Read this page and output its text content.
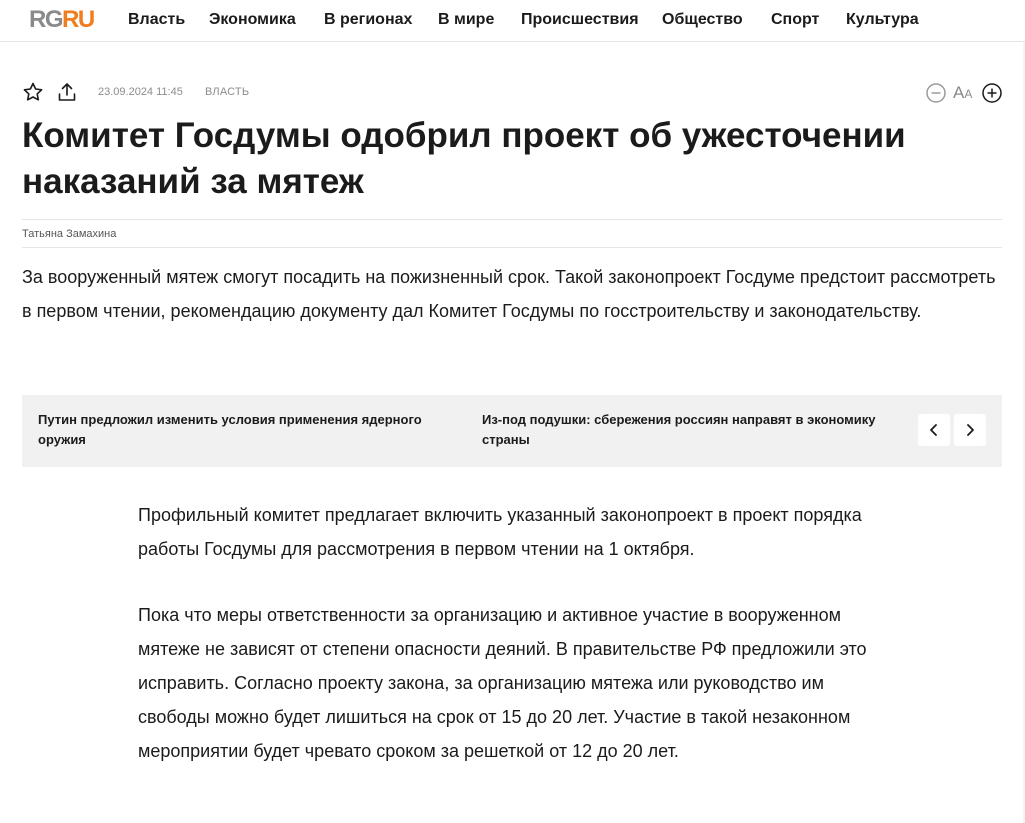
RGRU Власть Экономика В регионах В мире Происшествия Общество Спорт Культура
23.09.2024 11:45 ВЛАСТЬ	AA
Комитет Госдумы одобрил проект об ужесточении наказаний за мятеж
Татьяна Замахина

За вооруженный мятеж смогут посадить на пожизненный срок. Такой законопроект Госдуме предстоит рассмотреть в первом чтении, рекомендацию документу дал Комитет Госдумы по госстроительству и законодательству.

Путин предложил изменить условия применения ядерного оружия
Из-под подушки: сбережения россиян направят в экономику страны

Профильный комитет предлагает включить указанный законопроект в проект порядка работы Госдумы для рассмотрения в первом чтении на 1 октября.

Пока что меры ответственности за организацию и активное участие в вооруженном мятеже не зависят от степени опасности деяний. В правительстве РФ предложили это исправить. Согласно проекту закона, за организацию мятежа или руководство им свободы можно будет лишиться на срок от 15 до 20 лет. Участие в такой незаконном мероприятии будет чревато сроком за решеткой от 12 до 20 лет.
